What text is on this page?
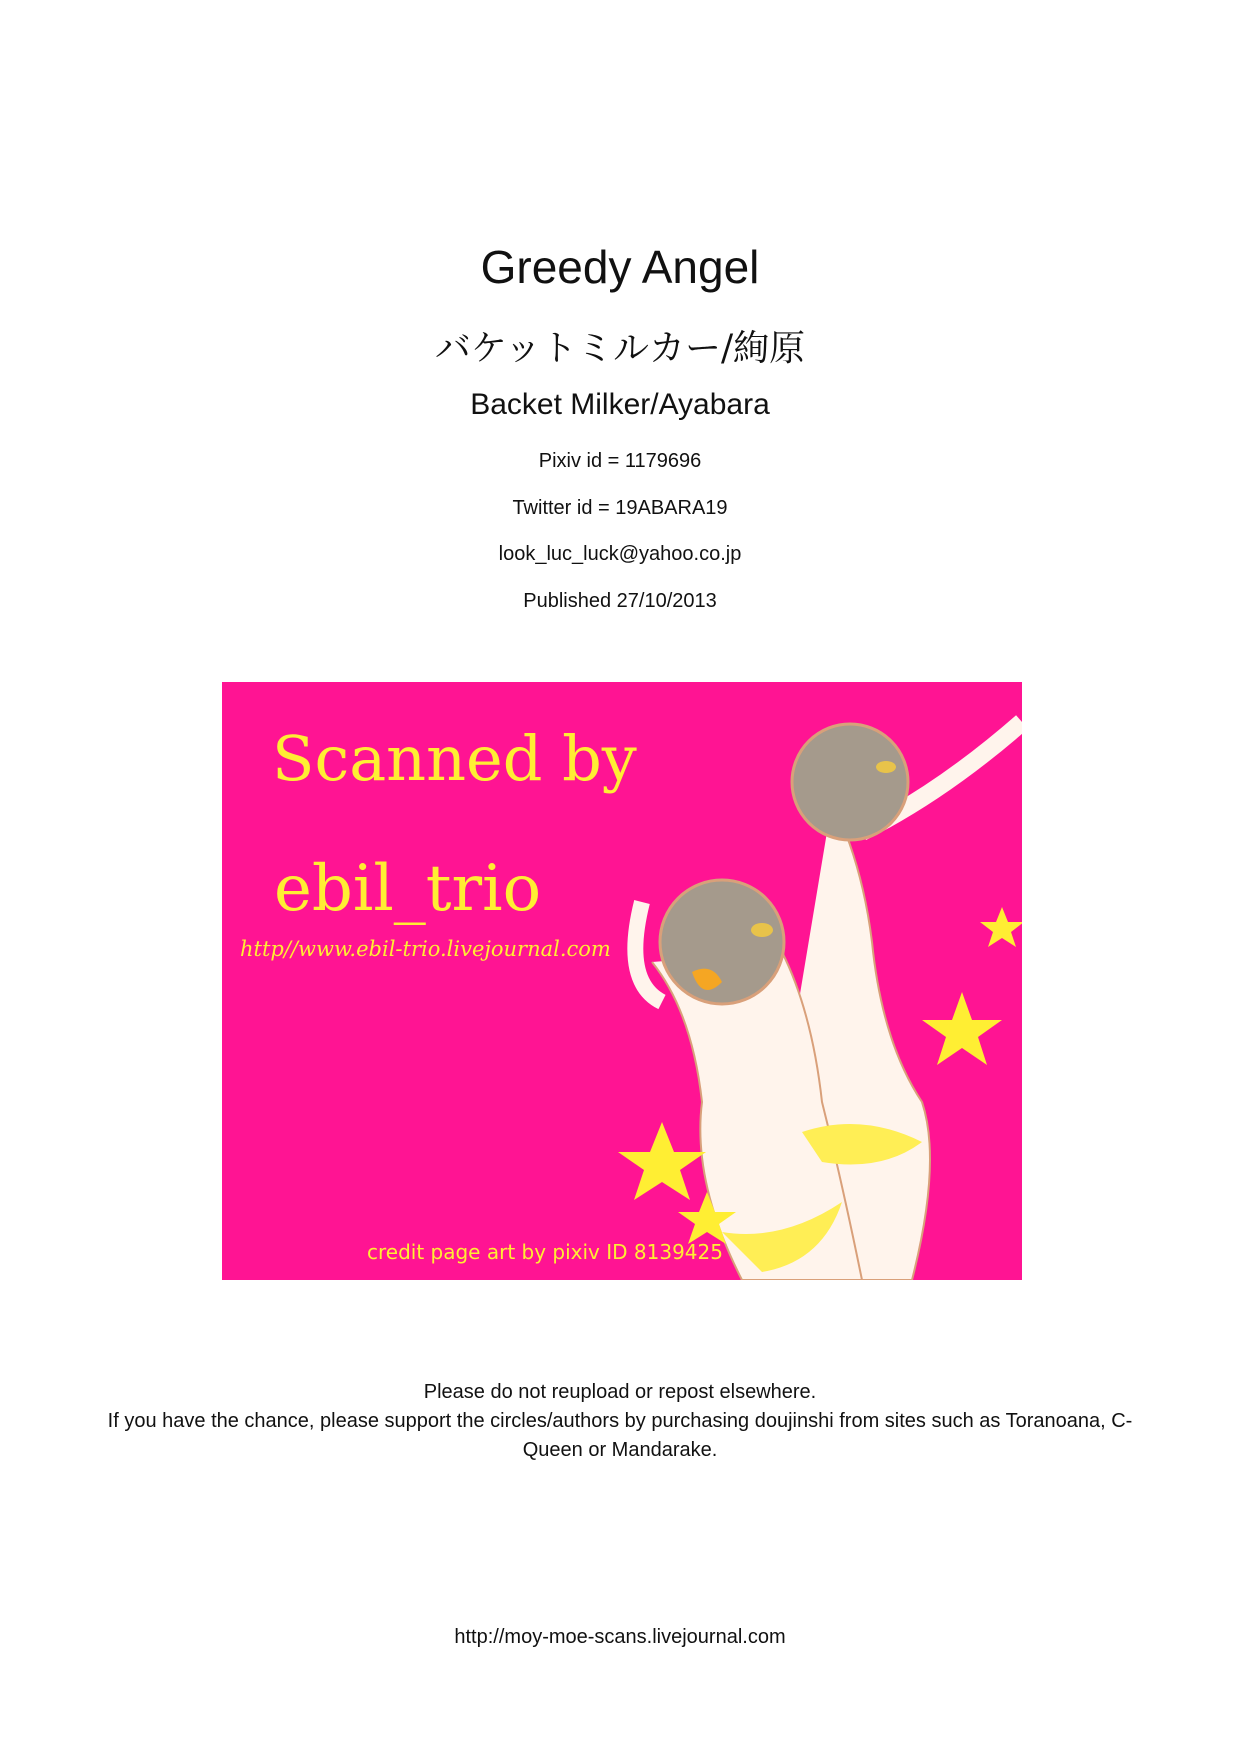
Greedy Angel
バケットミルカー/絢原
Backet Milker/Ayabara
Pixiv id = 1179696
Twitter id = 19ABARA19
look_luc_luck@yahoo.co.jp
Published 27/10/2013
Scanned by
ebil_trio
http//www.ebil-trio.livejournal.com
credit page art by pixiv ID 8139425
Please do not reupload or repost elsewhere.
If you have the chance, please support the circles/authors by purchasing doujinshi from sites such as Toranoana, C-Queen or Mandarake.
http://moy-moe-scans.livejournal.com
